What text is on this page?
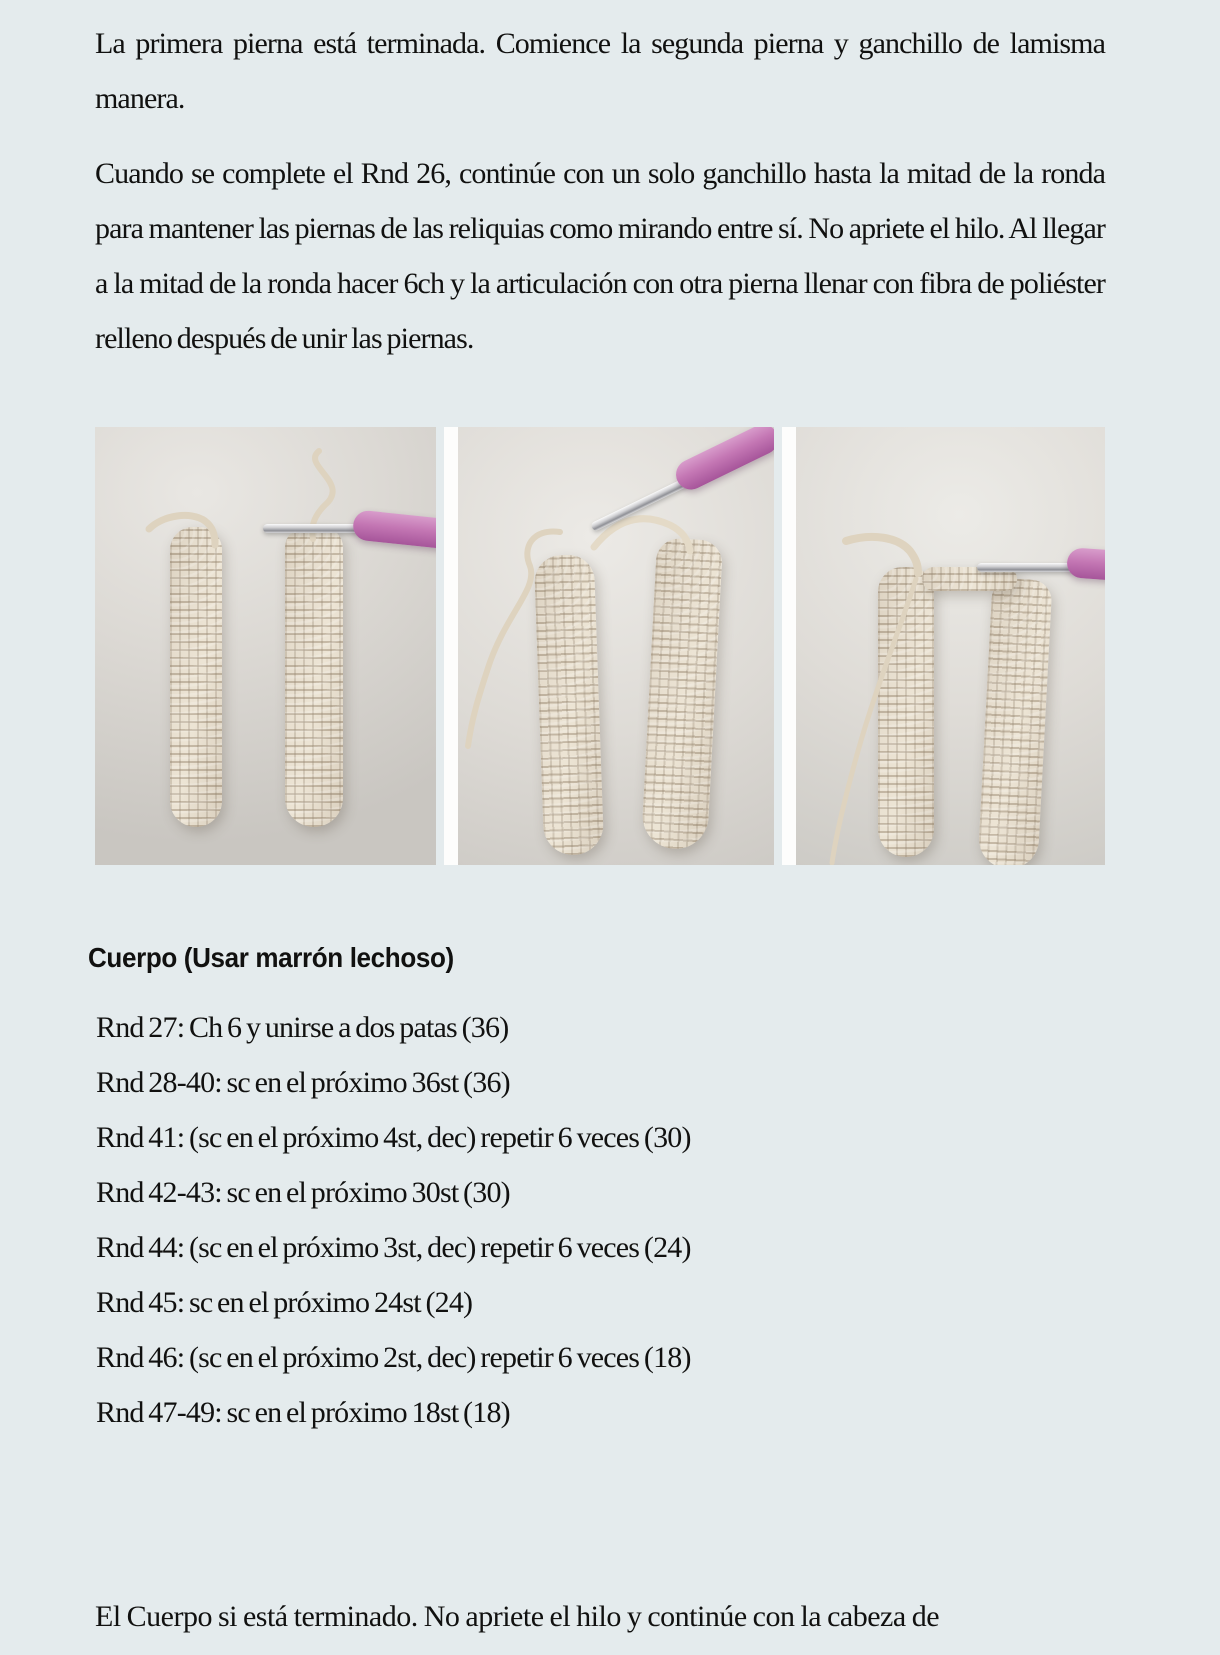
La primera pierna está terminada. Comience la segunda pierna y ganchillo de lamisma manera.

Cuando se complete el Rnd 26, continúe con un solo ganchillo hasta la mitad de la ronda para mantener las piernas de las reliquias como mirando entre sí. No apriete el hilo. Al llegar a la mitad de la ronda hacer 6ch y la articulación con otra pierna llenar con fibra de poliéster relleno después de unir las piernas.

Cuerpo (Usar marrón lechoso)
Rnd 27: Ch 6 y unirse a dos patas (36)
Rnd 28-40: sc en el próximo 36st (36)
Rnd 41: (sc en el próximo 4st, dec) repetir 6 veces (30)
Rnd 42-43: sc en el próximo 30st (30)
Rnd 44: (sc en el próximo 3st, dec) repetir 6 veces (24)
Rnd 45: sc en el próximo 24st (24)
Rnd 46: (sc en el próximo 2st, dec) repetir 6 veces (18)
Rnd 47-49: sc en el próximo 18st (18)
El Cuerpo si está terminado. No apriete el hilo y continúe con la cabeza de
